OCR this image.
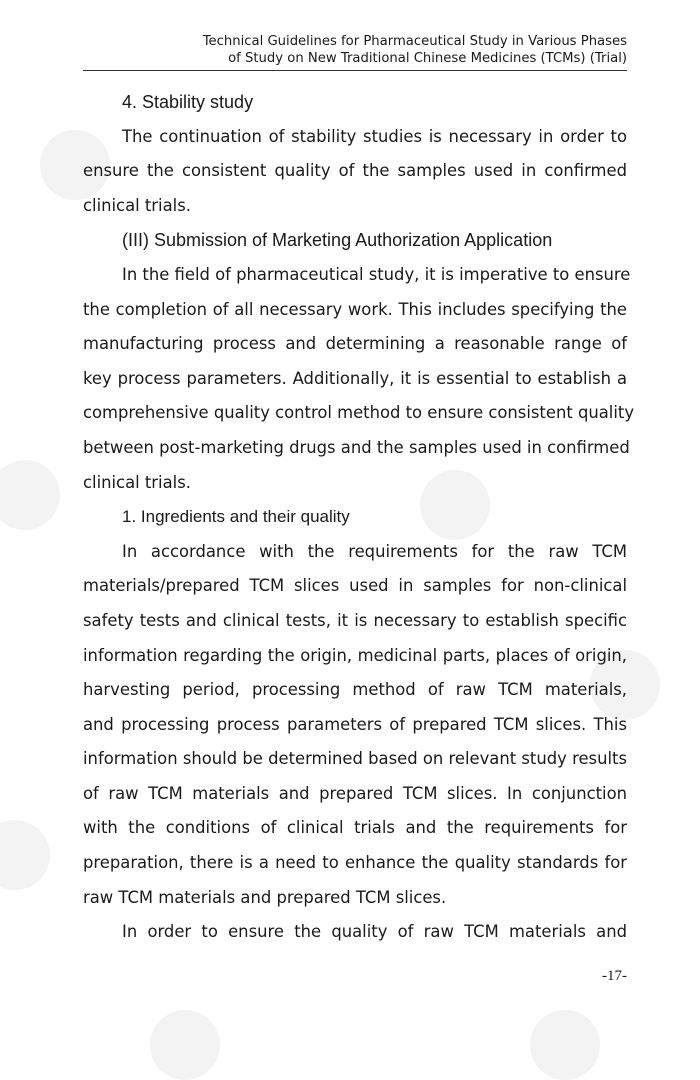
Technical Guidelines for Pharmaceutical Study in Various Phases
of Study on New Traditional Chinese Medicines (TCMs) (Trial)
4. Stability study
The continuation of stability studies is necessary in order to
ensure the consistent quality of the samples used in confirmed
clinical trials.
(III) Submission of Marketing Authorization Application
In the field of pharmaceutical study, it is imperative to ensure
the completion of all necessary work. This includes specifying the
manufacturing process and determining a reasonable range of
key process parameters. Additionally, it is essential to establish a
comprehensive quality control method to ensure consistent quality
between post-marketing drugs and the samples used in confirmed
clinical trials.
1. Ingredients and their quality
In accordance with the requirements for the raw TCM
materials/prepared TCM slices used in samples for non-clinical
safety tests and clinical tests, it is necessary to establish specific
information regarding the origin, medicinal parts, places of origin,
harvesting period, processing method of raw TCM materials,
and processing process parameters of prepared TCM slices. This
information should be determined based on relevant study results
of raw TCM materials and prepared TCM slices. In conjunction
with the conditions of clinical trials and the requirements for
preparation, there is a need to enhance the quality standards for
raw TCM materials and prepared TCM slices.
In order to ensure the quality of raw TCM materials and
-17-
